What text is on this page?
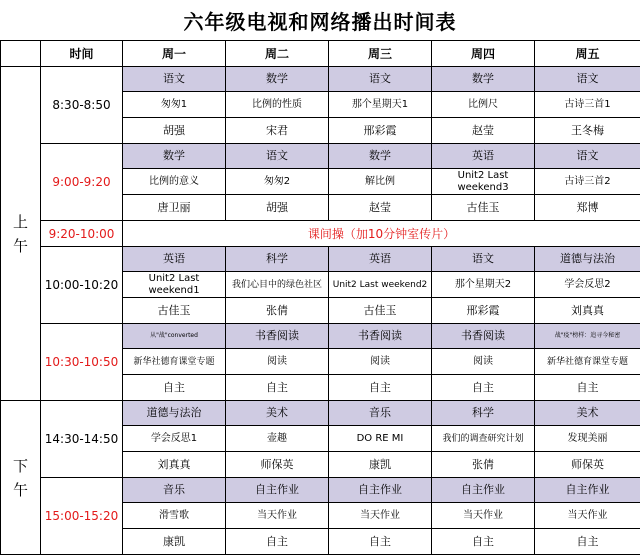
六年级电视和网络播出时间表
	时间	周一	周二	周三	周四	周五
上

午	8:30-8:50	语文	数学	语文	数学	语文
		匆匆1	比例的性质	那个星期天1	比例尺	古诗三首1
		胡强	宋君	邢彩霞	赵莹	王冬梅
	9:00-9:20	数学	语文	数学	英语	语文
		比例的意义	匆匆2	解比例	Unit2 Last weekend3	古诗三首2
		唐卫丽	胡强	赵莹	古佳玉	郑博
	9:20-10:00	课间操（加10分钟室传片）				
	10:00-10:20	英语	科学	英语	语文	道德与法治
		Unit2 Last weekend1	我们心目中的绿色社区	Unit2 Last weekend2	那个星期天2	学会反思2
		古佳玉	张倩	古佳玉	邢彩霞	刘真真
	10:30-10:50	从"战"converted	书香阅读	书香阅读	书香阅读	战"疫"榜样：追寻今秘密
		新华社德育课堂专题	阅读	阅读	阅读	新华社德育课堂专题
		自主	自主	自主	自主	自主
下

午	14:30-14:50	道德与法治	美术	音乐	科学	美术
		学会反思1	壶趣	DO RE MI	我们的调查研究计划	发现美丽
		刘真真	师保英	康凯	张倩	师保英
	15:00-15:20	音乐	自主作业	自主作业	自主作业	自主作业
		滑雪歌	当天作业	当天作业	当天作业	当天作业
		康凯	自主	自主	自主	自主
